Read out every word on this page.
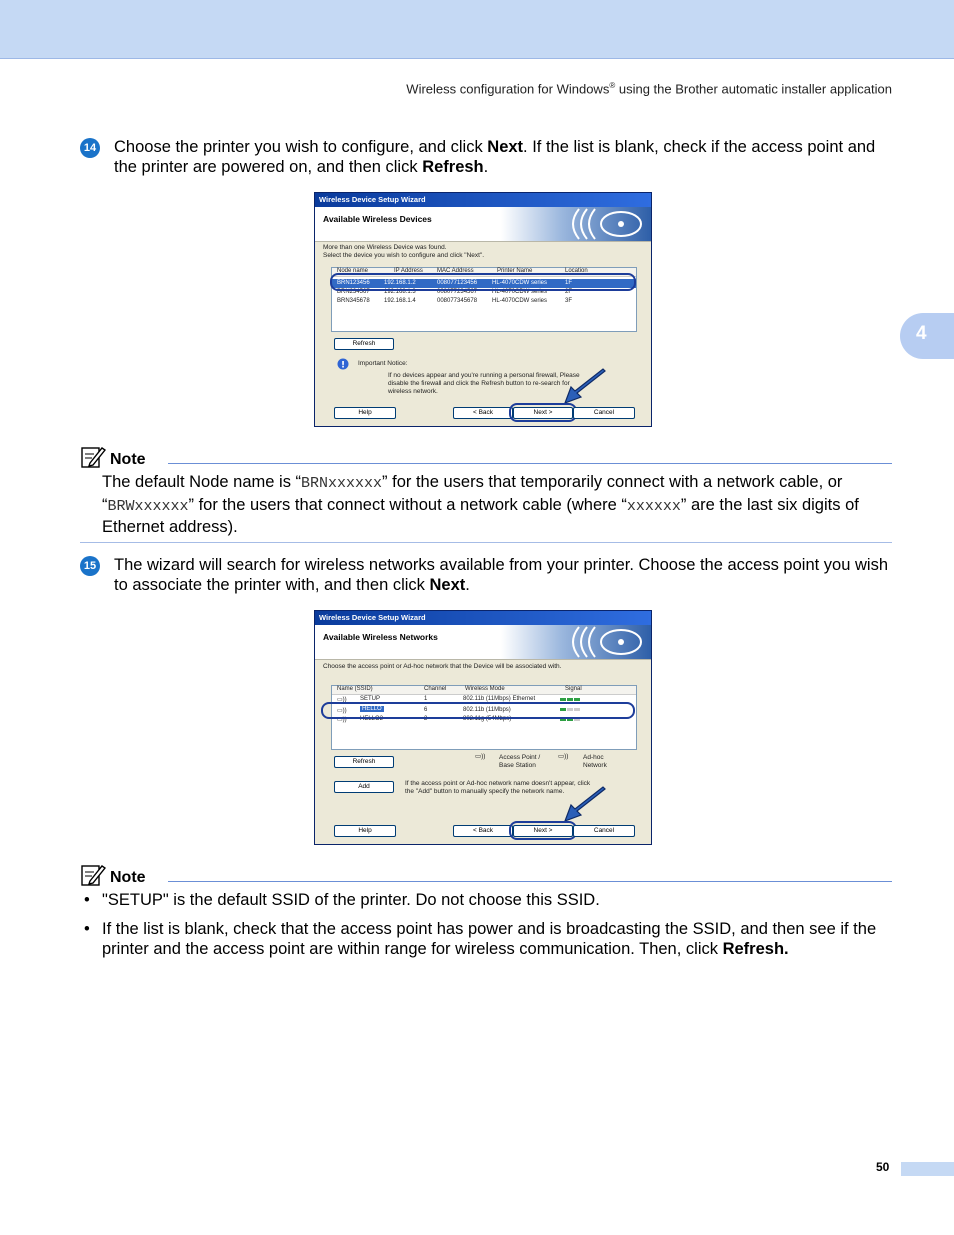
Wireless configuration for Windows® using the Brother automatic installer application
4
14 Choose the printer you wish to configure, and click Next. If the list is blank, check if the access point and the printer are powered on, and then click Refresh.
Wireless Device Setup Wizard
Available Wireless Devices
More than one Wireless Device was found.
Select the device you wish to configure and click "Next".
Node name	IP Address MAC Address	Printer Name	Location
BRN123456 192.168.1.2	008077123456 HL-4070CDW series	1F
BRN234567 192.168.1.3	008077234567 HL-4070CDW series	2F
BRN345678 192.168.1.4	008077345678 HL-4070CDW series	3F
Refresh
! Important Notice:
If no devices appear and you're running a personal firewall, Please
disable the firewall and click the Refresh button to re-search for
wireless network.
Help	< Back	Next >	Cancel
Note
The default Node name is “BRNxxxxxx” for the users that temporarily connect with a network cable, or “BRWxxxxxx” for the users that connect without a network cable (where “xxxxxx” are the last six digits of Ethernet address).
15 The wizard will search for wireless networks available from your printer. Choose the access point you wish to associate the printer with, and then click Next.
Wireless Device Setup Wizard
Available Wireless Networks
Choose the access point or Ad-hoc network that the Device will be associated with.
Name (SSID)	Channel	Wireless Mode	Signal
▭)) SETUP	1	802.11b (11Mbps) Ethernet
▭))	HELLO	6	802.11b (11Mbps)
▭)) HELLO2	2	802.11g (54Mbps)
Refresh
▭)) Access Point /
Base Station
▭)) Ad-hoc
Network
Add	If the access point or Ad-hoc network name doesn't appear, click
the "Add" button to manually specify the network name.
Help	< Back	Next >	Cancel
Note
• "SETUP" is the default SSID of the printer. Do not choose this SSID.
• If the list is blank, check that the access point has power and is broadcasting the SSID, and then see if the printer and the access point are within range for wireless communication. Then, click Refresh.
50
